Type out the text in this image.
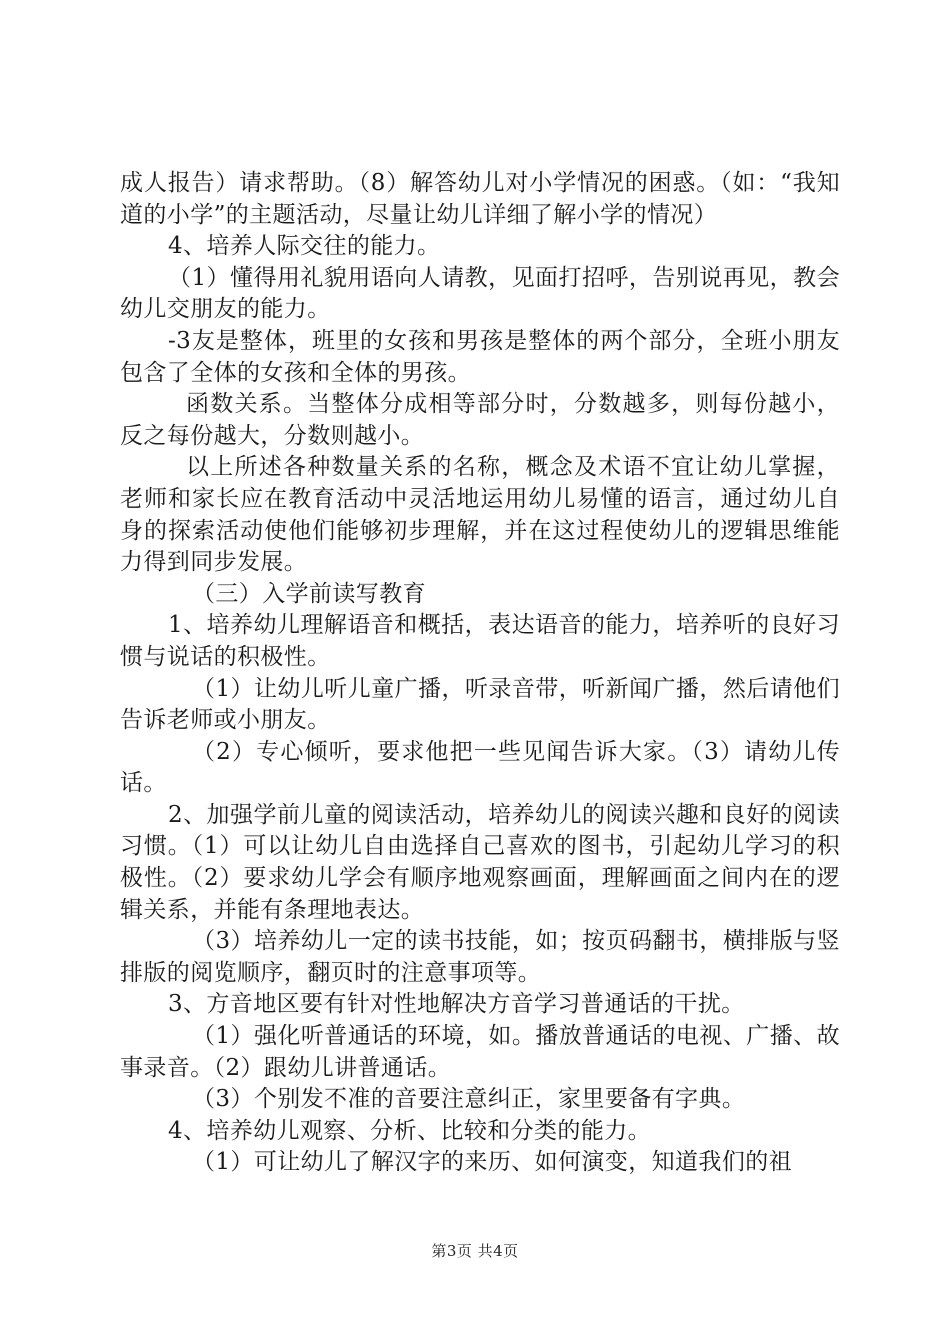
成人报告）请求帮助。（8）解答幼儿对小学情况的困惑。（如：“我知道的小学”的主题活动，尽量让幼儿详细了解小学的情况）

4、培养人际交往的能力。

（1）懂得用礼貌用语向人请教，见面打招呼，告别说再见，教会幼儿交朋友的能力。

-3友是整体，班里的女孩和男孩是整体的两个部分，全班小朋友包含了全体的女孩和全体的男孩。

函数关系。当整体分成相等部分时，分数越多，则每份越小，反之每份越大，分数则越小。

以上所述各种数量关系的名称，概念及术语不宜让幼儿掌握，老师和家长应在教育活动中灵活地运用幼儿易懂的语言，通过幼儿自身的探索活动使他们能够初步理解，并在这过程使幼儿的逻辑思维能力得到同步发展。

（三）入学前读写教育

1、培养幼儿理解语音和概括，表达语音的能力，培养听的良好习惯与说话的积极性。

（1）让幼儿听儿童广播，听录音带，听新闻广播，然后请他们告诉老师或小朋友。

（2）专心倾听，要求他把一些见闻告诉大家。（3）请幼儿传话。

2、加强学前儿童的阅读活动，培养幼儿的阅读兴趣和良好的阅读习惯。（1）可以让幼儿自由选择自己喜欢的图书，引起幼儿学习的积极性。（2）要求幼儿学会有顺序地观察画面，理解画面之间内在的逻辑关系，并能有条理地表达。

（3）培养幼儿一定的读书技能，如；按页码翻书，横排版与竖排版的阅览顺序，翻页时的注意事项等。

3、方音地区要有针对性地解决方音学习普通话的干扰。

（1）强化听普通话的环境，如。播放普通话的电视、广播、故事录音。（2）跟幼儿讲普通话。

（3）个别发不准的音要注意纠正，家里要备有字典。

4、培养幼儿观察、分析、比较和分类的能力。

（1）可让幼儿了解汉字的来历、如何演变，知道我们的祖

第3页 共4页
